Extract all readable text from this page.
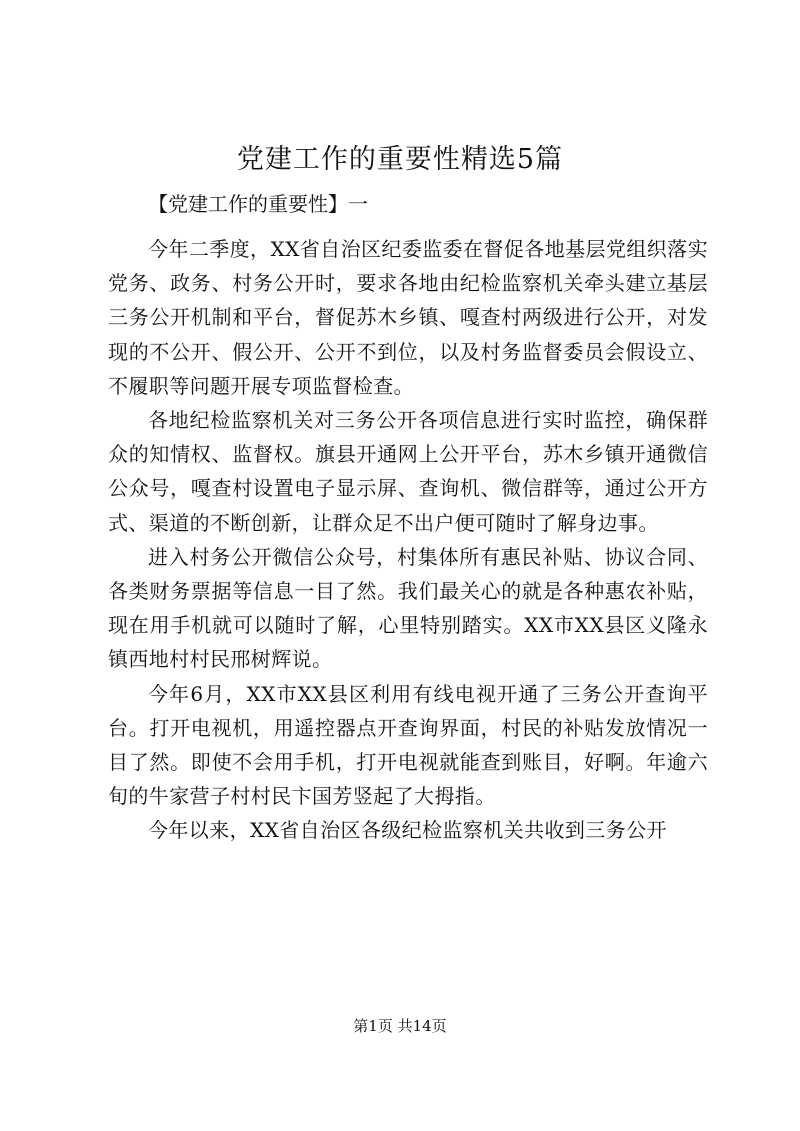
党建工作的重要性精选5篇
【党建工作的重要性】一

今年二季度，XX省自治区纪委监委在督促各地基层党组织落实党务、政务、村务公开时，要求各地由纪检监察机关牵头建立基层三务公开机制和平台，督促苏木乡镇、嘎查村两级进行公开，对发现的不公开、假公开、公开不到位，以及村务监督委员会假设立、不履职等问题开展专项监督检查。

各地纪检监察机关对三务公开各项信息进行实时监控，确保群众的知情权、监督权。旗县开通网上公开平台，苏木乡镇开通微信公众号，嘎查村设置电子显示屏、查询机、微信群等，通过公开方式、渠道的不断创新，让群众足不出户便可随时了解身边事。

进入村务公开微信公众号，村集体所有惠民补贴、协议合同、各类财务票据等信息一目了然。我们最关心的就是各种惠农补贴，现在用手机就可以随时了解，心里特别踏实。XX市XX县区义隆永镇西地村村民邢树辉说。

今年6月，XX市XX县区利用有线电视开通了三务公开查询平台。打开电视机，用遥控器点开查询界面，村民的补贴发放情况一目了然。即使不会用手机，打开电视就能查到账目，好啊。年逾六旬的牛家营子村村民卞国芳竖起了大拇指。

今年以来，XX省自治区各级纪检监察机关共收到三务公开

第1页 共14页
